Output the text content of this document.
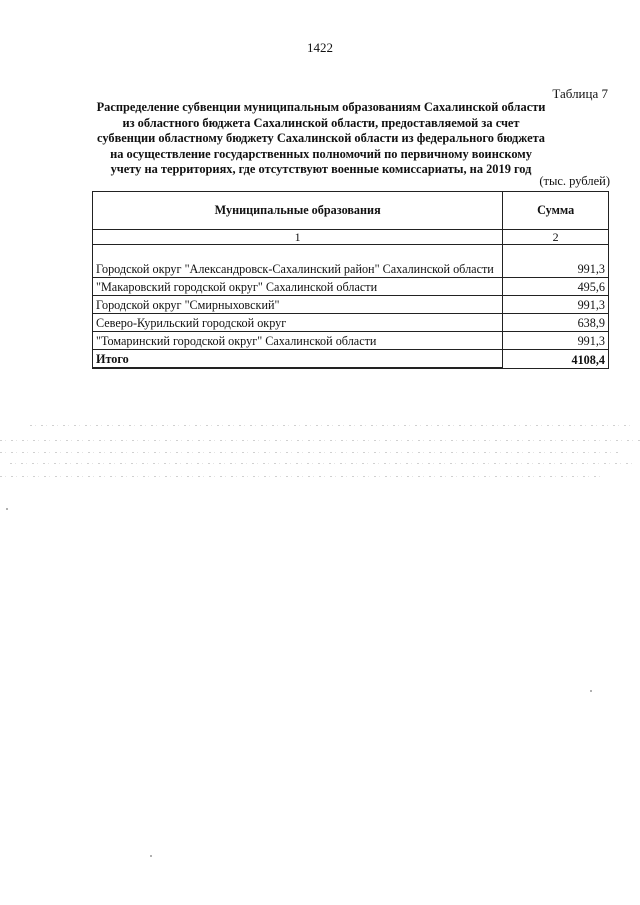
1422
Таблица 7
Распределение субвенции муниципальным образованиям Сахалинской области из областного бюджета Сахалинской области, предоставляемой за счет субвенции областному бюджету Сахалинской области из федерального бюджета на осуществление государственных полномочий по первичному воинскому учету на территориях, где отсутствуют военные комиссариаты, на 2019 год
(тыс. рублей)
Муниципальные образования	Сумма
1	2
Городской округ "Александровск-Сахалинский район" Сахалинской области	991,3
"Макаровский городской округ" Сахалинской области	495,6
Городской округ "Смирныховский"	991,3
Северо-Курильский городской округ	638,9
"Томаринский городской округ" Сахалинской области	991,3
Итого	4108,4
